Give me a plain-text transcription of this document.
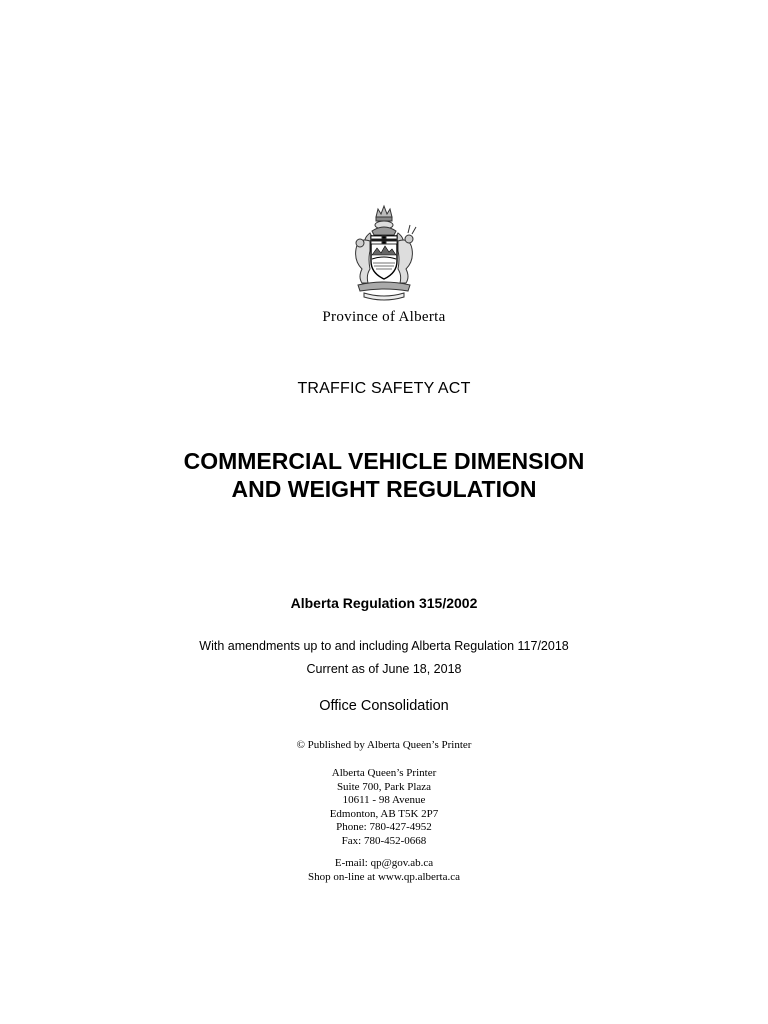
Province of Alberta
TRAFFIC SAFETY ACT
COMMERCIAL VEHICLE DIMENSION
AND WEIGHT REGULATION
Alberta Regulation 315/2002
With amendments up to and including Alberta Regulation 117/2018
Current as of June 18, 2018
Office Consolidation
© Published by Alberta Queen’s Printer
Alberta Queen’s Printer
Suite 700, Park Plaza
10611 - 98 Avenue
Edmonton, AB T5K 2P7
Phone: 780-427-4952
Fax: 780-452-0668
E-mail: qp@gov.ab.ca
Shop on-line at www.qp.alberta.ca
